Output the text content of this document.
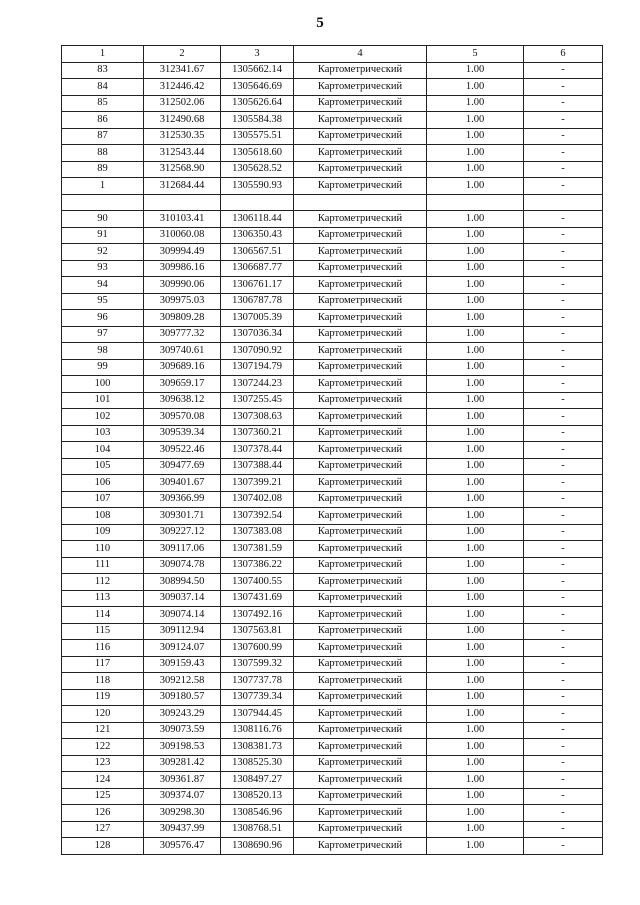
5
1	2	3	4	5	6
83	312341.67	1305662.14	Картометрический	1.00	-
84	312446.42	1305646.69	Картометрический	1.00	-
85	312502.06	1305626.64	Картометрический	1.00	-
86	312490.68	1305584.38	Картометрический	1.00	-
87	312530.35	1305575.51	Картометрический	1.00	-
88	312543.44	1305618.60	Картометрический	1.00	-
89	312568.90	1305628.52	Картометрический	1.00	-
1	312684.44	1305590.93	Картометрический	1.00	-

90	310103.41	1306118.44	Картометрический	1.00	-
91	310060.08	1306350.43	Картометрический	1.00	-
92	309994.49	1306567.51	Картометрический	1.00	-
93	309986.16	1306687.77	Картометрический	1.00	-
94	309990.06	1306761.17	Картометрический	1.00	-
95	309975.03	1306787.78	Картометрический	1.00	-
96	309809.28	1307005.39	Картометрический	1.00	-
97	309777.32	1307036.34	Картометрический	1.00	-
98	309740.61	1307090.92	Картометрический	1.00	-
99	309689.16	1307194.79	Картометрический	1.00	-
100	309659.17	1307244.23	Картометрический	1.00	-
101	309638.12	1307255.45	Картометрический	1.00	-
102	309570.08	1307308.63	Картометрический	1.00	-
103	309539.34	1307360.21	Картометрический	1.00	-
104	309522.46	1307378.44	Картометрический	1.00	-
105	309477.69	1307388.44	Картометрический	1.00	-
106	309401.67	1307399.21	Картометрический	1.00	-
107	309366.99	1307402.08	Картометрический	1.00	-
108	309301.71	1307392.54	Картометрический	1.00	-
109	309227.12	1307383.08	Картометрический	1.00	-
110	309117.06	1307381.59	Картометрический	1.00	-
111	309074.78	1307386.22	Картометрический	1.00	-
112	308994.50	1307400.55	Картометрический	1.00	-
113	309037.14	1307431.69	Картометрический	1.00	-
114	309074.14	1307492.16	Картометрический	1.00	-
115	309112.94	1307563.81	Картометрический	1.00	-
116	309124.07	1307600.99	Картометрический	1.00	-
117	309159.43	1307599.32	Картометрический	1.00	-
118	309212.58	1307737.78	Картометрический	1.00	-
119	309180.57	1307739.34	Картометрический	1.00	-
120	309243.29	1307944.45	Картометрический	1.00	-
121	309073.59	1308116.76	Картометрический	1.00	-
122	309198.53	1308381.73	Картометрический	1.00	-
123	309281.42	1308525.30	Картометрический	1.00	-
124	309361.87	1308497.27	Картометрический	1.00	-
125	309374.07	1308520.13	Картометрический	1.00	-
126	309298.30	1308546.96	Картометрический	1.00	-
127	309437.99	1308768.51	Картометрический	1.00	-
128	309576.47	1308690.96	Картометрический	1.00	-
